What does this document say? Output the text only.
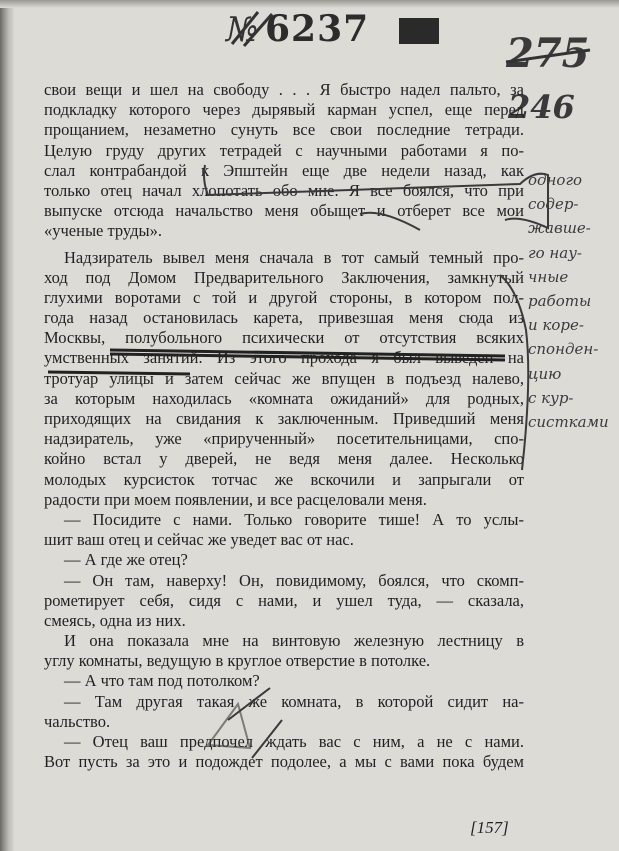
№ 6237
275
246
свои вещи и шел на свободу . . . Я быстро надел пальто, за
подкладку которого через дырявый карман успел, еще перед
прощанием, незаметно сунуть все свои последние тетради.
Целую груду других тетрадей с научными работами я по-
слал контрабандой к Эпштейн еще две недели назад, как
только отец начал хлопотать обо мне. Я все боялся, что при
выпуске отсюда начальство меня обыщет и отберет все мои
«ученые труды».
Надзиратель вывел меня сначала в тот самый темный про-
ход под Домом Предварительного Заключения, замкнутый
глухими воротами с той и другой стороны, в котором пол-
года назад остановилась карета, привезшая меня сюда из
Москвы, полубольного психически от отсутствия всяких
умственных занятий. Из этого прохода я был выведен на
тротуар улицы и затем сейчас же впущен в подъезд налево,
за которым находилась «комната ожиданий» для родных,
приходящих на свидания к заключенным. Приведший меня
надзиратель, уже «прирученный» посетительницами, спо-
койно встал у дверей, не ведя меня далее. Несколько
молодых курсисток тотчас же вскочили и запрыгали от
радости при моем появлении, и все расцеловали меня.
— Посидите с нами. Только говорите тише! А то услы-
шит ваш отец и сейчас же уведет вас от нас.
— А где же отец?
— Он там, наверху! Он, повидимому, боялся, что скомп-
рометирует себя, сидя с нами, и ушел туда, — сказала,
смеясь, одна из них.
И она показала мне на винтовую железную лестницу в
углу комнаты, ведущую в круглое отверстие в потолке.
— А что там под потолком?
— Там другая такая же комната, в которой сидит на-
чальство.
— Отец ваш предпочел ждать вас с ним, а не с нами.
Вот пусть за это и подождет подолее, а мы с вами пока будем
одного
содер-
жавше-
го нау-
чные
работы
и коре-
спонден-
цию
с кур-
систками
[157]
